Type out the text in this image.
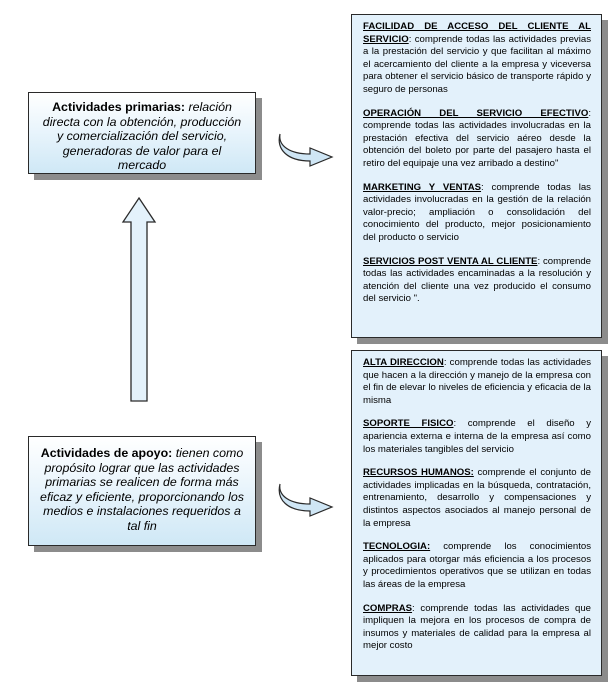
Actividades primarias: relación directa con la obtención, producción y comercialización del servicio, generadoras de valor para el mercado
Actividades de apoyo: tienen como propósito lograr que las actividades primarias se realicen de forma más eficaz y eficiente, proporcionando los medios e instalaciones requeridos a tal fin
FACILIDAD DE ACCESO DEL CLIENTE AL SERVICIO: comprende todas las actividades previas a la prestación del servicio y que facilitan al máximo el acercamiento del cliente a la empresa y viceversa para obtener el servicio básico de transporte rápido y seguro de personas
OPERACIÓN DEL SERVICIO EFECTIVO: comprende todas las actividades involucradas en la prestación efectiva del servicio aéreo desde la obtención del boleto por parte del pasajero hasta el retiro del equipaje una vez arribado a destino"
MARKETING Y VENTAS: comprende todas las actividades involucradas en la gestión de la relación valor-precio; ampliación o consolidación del conocimiento del producto, mejor posicionamiento del producto o servicio
SERVICIOS POST VENTA AL CLIENTE: comprende todas las actividades encaminadas a la resolución y atención del cliente una vez producido el consumo del servicio ".
ALTA DIRECCION: comprende todas las actividades que hacen a la dirección y manejo de la empresa con el fin de elevar lo niveles de eficiencia y eficacia de la misma
SOPORTE FISICO: comprende el diseño y apariencia externa e interna de la empresa así como los materiales tangibles del servicio
RECURSOS HUMANOS: comprende el conjunto de actividades implicadas en la búsqueda, contratación, entrenamiento, desarrollo y compensaciones y distintos aspectos asociados al manejo personal de la empresa
TECNOLOGIA: comprende los conocimientos aplicados para otorgar más eficiencia a los procesos y procedimientos operativos que se utilizan en todas las áreas de la empresa
COMPRAS: comprende todas las actividades que impliquen la mejora en los procesos de compra de insumos y materiales de calidad para la empresa al mejor costo
